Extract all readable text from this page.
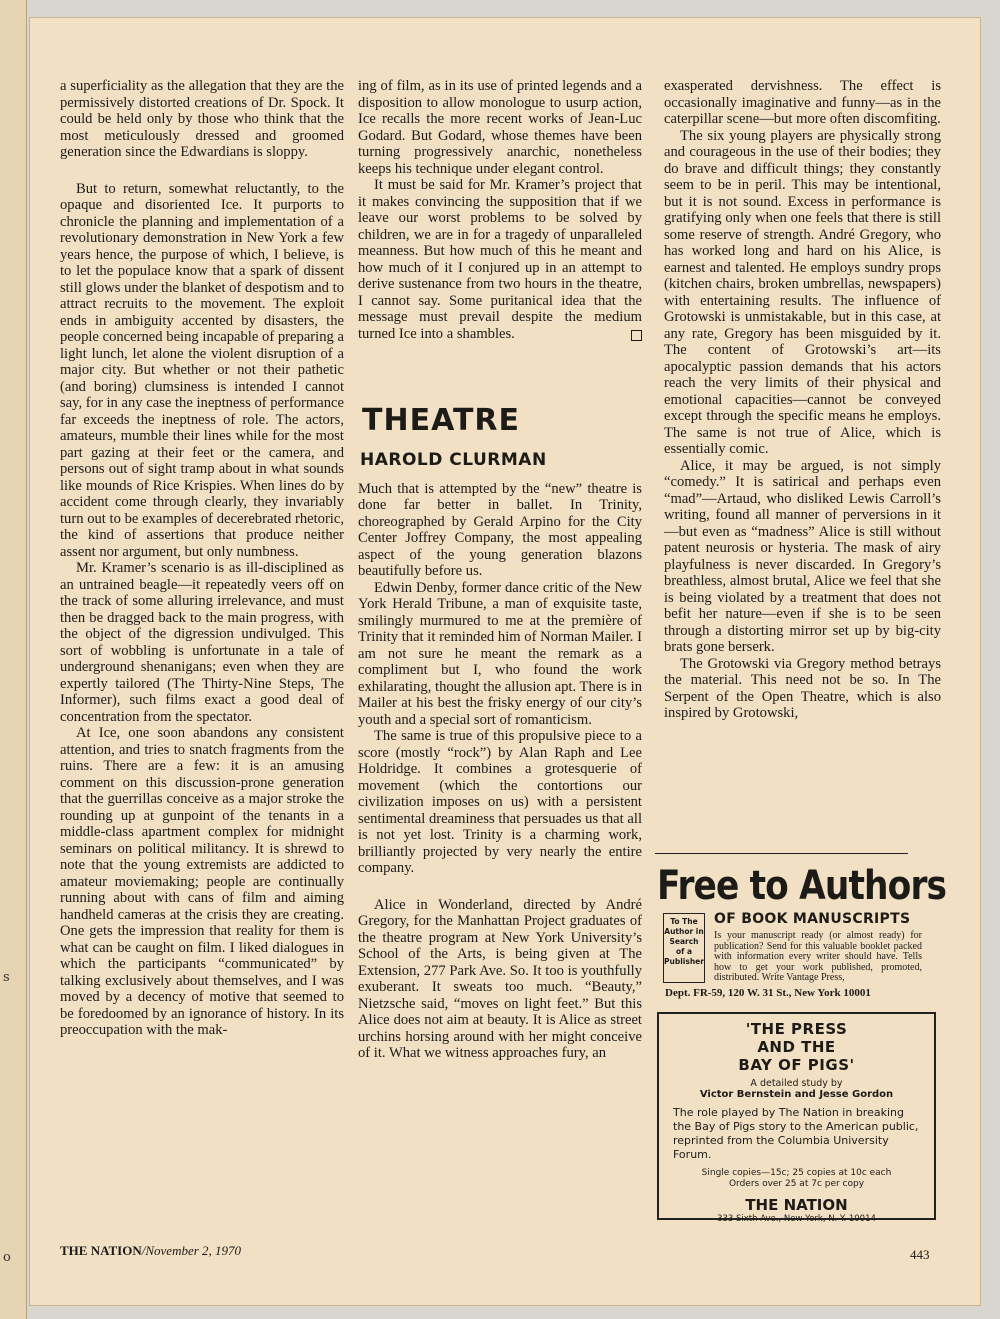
s
o

a superficiality as the allegation that they are the permissively distorted creations of Dr. Spock. It could be held only by those who think that the most meticulously dressed and groomed generation since the Edwardians is sloppy.

But to return, somewhat reluctantly, to the opaque and disoriented Ice. It purports to chronicle the planning and implementation of a revolutionary demonstration in New York a few years hence, the purpose of which, I believe, is to let the populace know that a spark of dissent still glows under the blanket of despotism and to attract recruits to the movement. The exploit ends in ambiguity accented by disasters, the people concerned being incapable of preparing a light lunch, let alone the violent disruption of a major city. But whether or not their pathetic (and boring) clumsiness is intended I cannot say, for in any case the ineptness of performance far exceeds the ineptness of role. The actors, amateurs, mumble their lines while for the most part gazing at their feet or the camera, and persons out of sight tramp about in what sounds like mounds of Rice Krispies. When lines do by accident come through clearly, they invariably turn out to be examples of decerebrated rhetoric, the kind of assertions that produce neither assent nor argument, but only numbness.

Mr. Kramer’s scenario is as ill-disciplined as an untrained beagle—it repeatedly veers off on the track of some alluring irrelevance, and must then be dragged back to the main progress, with the object of the digression undivulged. This sort of wobbling is unfortunate in a tale of underground shenanigans; even when they are expertly tailored (The Thirty-Nine Steps, The Informer), such films exact a good deal of concentration from the spectator.

At Ice, one soon abandons any consistent attention, and tries to snatch fragments from the ruins. There are a few: it is an amusing comment on this discussion-prone generation that the guerrillas conceive as a major stroke the rounding up at gunpoint of the tenants in a middle-class apartment complex for midnight seminars on political militancy. It is shrewd to note that the young extremists are addicted to amateur moviemaking; people are continually running about with cans of film and aiming handheld cameras at the crisis they are creating. One gets the impression that reality for them is what can be caught on film. I liked dialogues in which the participants “communicated” by talking exclusively about themselves, and I was moved by a decency of motive that seemed to be foredoomed by an ignorance of history. In its preoccupation with the mak-

ing of film, as in its use of printed legends and a disposition to allow monologue to usurp action, Ice recalls the more recent works of Jean-Luc Godard. But Godard, whose themes have been turning progressively anarchic, nonetheless keeps his technique under elegant control.

It must be said for Mr. Kramer’s project that it makes convincing the supposition that if we leave our worst problems to be solved by children, we are in for a tragedy of unparalleled meanness. But how much of this he meant and how much of it I conjured up in an attempt to derive sustenance from two hours in the theatre, I cannot say. Some puritanical idea that the message must prevail despite the medium turned Ice into a shambles.

THEATRE
HAROLD CLURMAN

Much that is attempted by the “new” theatre is done far better in ballet. In Trinity, choreographed by Gerald Arpino for the City Center Joffrey Company, the most appealing aspect of the young generation blazons beautifully before us.

Edwin Denby, former dance critic of the New York Herald Tribune, a man of exquisite taste, smilingly murmured to me at the première of Trinity that it reminded him of Norman Mailer. I am not sure he meant the remark as a compliment but I, who found the work exhilarating, thought the allusion apt. There is in Mailer at his best the frisky energy of our city’s youth and a special sort of romanticism.

The same is true of this propulsive piece to a score (mostly “rock”) by Alan Raph and Lee Holdridge. It combines a grotesquerie of movement (which the contortions our civilization imposes on us) with a persistent sentimental dreaminess that persuades us that all is not yet lost. Trinity is a charming work, brilliantly projected by very nearly the entire company.

Alice in Wonderland, directed by André Gregory, for the Manhattan Project graduates of the theatre program at New York University’s School of the Arts, is being given at The Extension, 277 Park Ave. So. It too is youthfully exuberant. It sweats too much. “Beauty,” Nietzsche said, “moves on light feet.” But this Alice does not aim at beauty. It is Alice as street urchins horsing around with her might conceive of it. What we witness approaches fury, an

exasperated dervishness. The effect is occasionally imaginative and funny—as in the caterpillar scene—but more often discomfiting.

The six young players are physically strong and courageous in the use of their bodies; they do brave and difficult things; they constantly seem to be in peril. This may be intentional, but it is not sound. Excess in performance is gratifying only when one feels that there is still some reserve of strength. André Gregory, who has worked long and hard on his Alice, is earnest and talented. He employs sundry props (kitchen chairs, broken umbrellas, newspapers) with entertaining results. The influence of Grotowski is unmistakable, but in this case, at any rate, Gregory has been misguided by it. The content of Grotowski’s art—its apocalyptic passion demands that his actors reach the very limits of their physical and emotional capacities—cannot be conveyed except through the specific means he employs. The same is not true of Alice, which is essentially comic.

Alice, it may be argued, is not simply “comedy.” It is satirical and perhaps even “mad”—Artaud, who disliked Lewis Carroll’s writing, found all manner of perversions in it—but even as “madness” Alice is still without patent neurosis or hysteria. The mask of airy playfulness is never discarded. In Gregory’s breathless, almost brutal, Alice we feel that she is being violated by a treatment that does not befit her nature—even if she is to be seen through a distorting mirror set up by big-city brats gone berserk.

The Grotowski via Gregory method betrays the material. This need not be so. In The Serpent of the Open Theatre, which is also inspired by Grotowski,

Free to Authors
To The Author in Search of a Publisher
OF BOOK MANUSCRIPTS
Is your manuscript ready (or almost ready) for publication? Send for this valuable booklet packed with information every writer should have. Tells how to get your work published, promoted, distributed. Write Vantage Press,
Dept. FR-59, 120 W. 31 St., New York 10001
'THE PRESS
AND THE
BAY OF PIGS'
A detailed study by
Victor Bernstein and Jesse Gordon
The role played by The Nation in breaking the Bay of Pigs story to the American public, reprinted from the Columbia University Forum.
Single copies—15c; 25 copies at 10c each
Orders over 25 at 7c per copy
THE NATION
333 Sixth Ave., New York, N. Y. 10014
THE NATION/November 2, 1970	443
